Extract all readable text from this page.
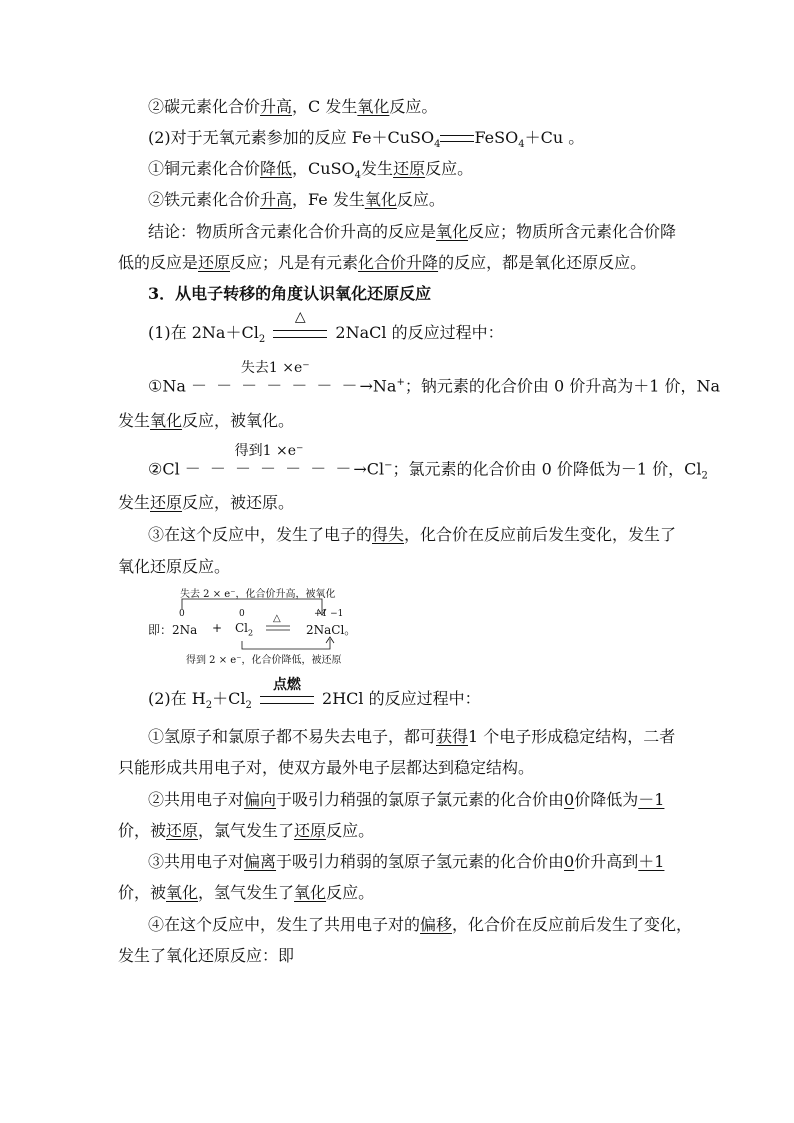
②碳元素化合价升高，C 发生氧化反应。
(2)对于无氧元素参加的反应 Fe＋CuSO$_4$ FeSO$_4$＋Cu 。
①铜元素化合价降低，CuSO$_4$发生还原反应。
②铁元素化合价升高，Fe 发生氧化反应。
结论：物质所含元素化合价升高的反应是氧化反应；物质所含元素化合价降
低的反应是还原反应；凡是有元素化合价升降的反应，都是氧化还原反应。
3．从电子转移的角度认识氧化还原反应
(1)在 $2Na+Cl_2$
△
2NaCl 的反应过程中：
①Na
失去1 ×e⁻
－ － － － － － －→Na+；钠元素的化合价由 0 价升高为＋1 价，Na
发生氧化反应，被氧化。
②Cl
得到1 ×e⁻
－ － － － － － －→Cl−；氯元素的化合价由 0 价降低为－1 价，$Cl_2$
发生还原反应，被还原。
③在这个反应中，发生了电子的得失，化合价在反应前后发生变化，发生了
氧化还原反应。
失去 2 × e⁻，化合价升高，被氧化
0	0	+1 −1
即：$2Na + Cl_2$
△
2NaCl。
得到 2 × e⁻，化合价降低，被还原
(2)在 $H_2+Cl_2$
点燃
2HCl 的反应过程中：
①氢原子和氯原子都不易失去电子，都可获得1 个电子形成稳定结构，二者
只能形成共用电子对，使双方最外电子层都达到稳定结构。
②共用电子对偏向于吸引力稍强的氯原子氯元素的化合价由0价降低为－1
价，被还原，氯气发生了还原反应。
③共用电子对偏离于吸引力稍弱的氢原子氢元素的化合价由0价升高到＋1
价，被氧化，氢气发生了氧化反应。
④在这个反应中，发生了共用电子对的偏移，化合价在反应前后发生了变化，
发生了氧化还原反应：即
